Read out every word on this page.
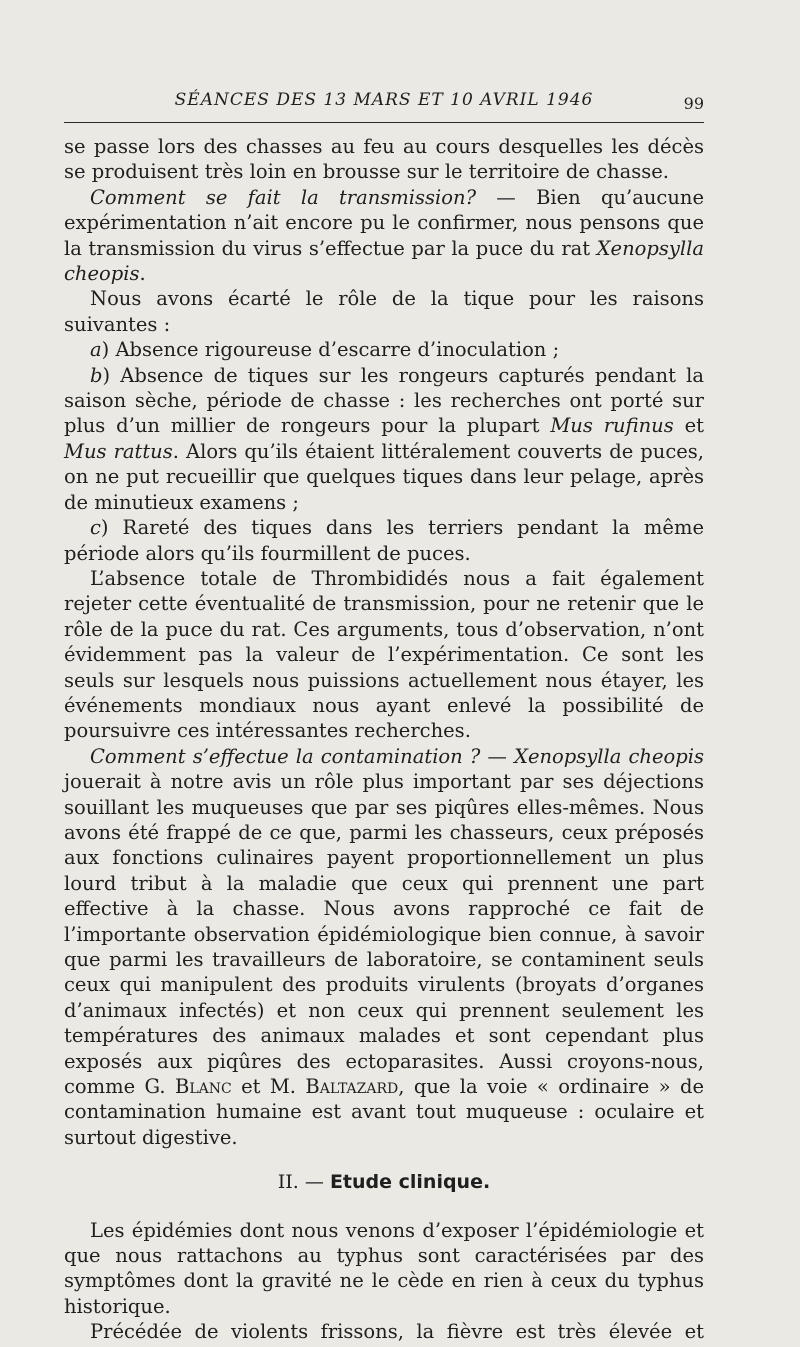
SÉANCES DES 13 MARS ET 10 AVRIL 1946	99

se passe lors des chasses au feu au cours desquelles les décès se produisent très loin en brousse sur le territoire de chasse.

Comment se fait la transmission? — Bien qu’aucune expérimentation n’ait encore pu le confirmer, nous pensons que la transmission du virus s’effectue par la puce du rat Xenopsylla cheopis.

Nous avons écarté le rôle de la tique pour les raisons suivantes :

a) Absence rigoureuse d’escarre d’inoculation ;

b) Absence de tiques sur les rongeurs capturés pendant la saison sèche, période de chasse : les recherches ont porté sur plus d’un millier de rongeurs pour la plupart Mus rufinus et Mus rattus. Alors qu’ils étaient littéralement couverts de puces, on ne put recueillir que quelques tiques dans leur pelage, après de minutieux examens ;

c) Rareté des tiques dans les terriers pendant la même période alors qu’ils fourmillent de puces.

L’absence totale de Thrombididés nous a fait également rejeter cette éventualité de transmission, pour ne retenir que le rôle de la puce du rat. Ces arguments, tous d’observation, n’ont évidemment pas la valeur de l’expérimentation. Ce sont les seuls sur lesquels nous puissions actuellement nous étayer, les événements mondiaux nous ayant enlevé la possibilité de poursuivre ces intéressantes recherches.

Comment s’effectue la contamination ? — Xenopsylla cheopis jouerait à notre avis un rôle plus important par ses déjections souillant les muqueuses que par ses piqûres elles-mêmes. Nous avons été frappé de ce que, parmi les chasseurs, ceux préposés aux fonctions culinaires payent proportionnellement un plus lourd tribut à la maladie que ceux qui prennent une part effective à la chasse. Nous avons rapproché ce fait de l’importante observation épidémiologique bien connue, à savoir que parmi les travailleurs de laboratoire, se contaminent seuls ceux qui manipulent des produits virulents (broyats d’organes d’animaux infectés) et non ceux qui prennent seulement les températures des animaux malades et sont cependant plus exposés aux piqûres des ectoparasites. Aussi croyons-nous, comme G. Blanc et M. Baltazard, que la voie « ordinaire » de contamination humaine est avant tout muqueuse : oculaire et surtout digestive.

II. — Etude clinique.

Les épidémies dont nous venons d’exposer l’épidémiologie et que nous rattachons au typhus sont caractérisées par des symptômes dont la gravité ne le cède en rien à ceux du typhus historique.

Précédée de violents frissons, la fièvre est très élevée et
